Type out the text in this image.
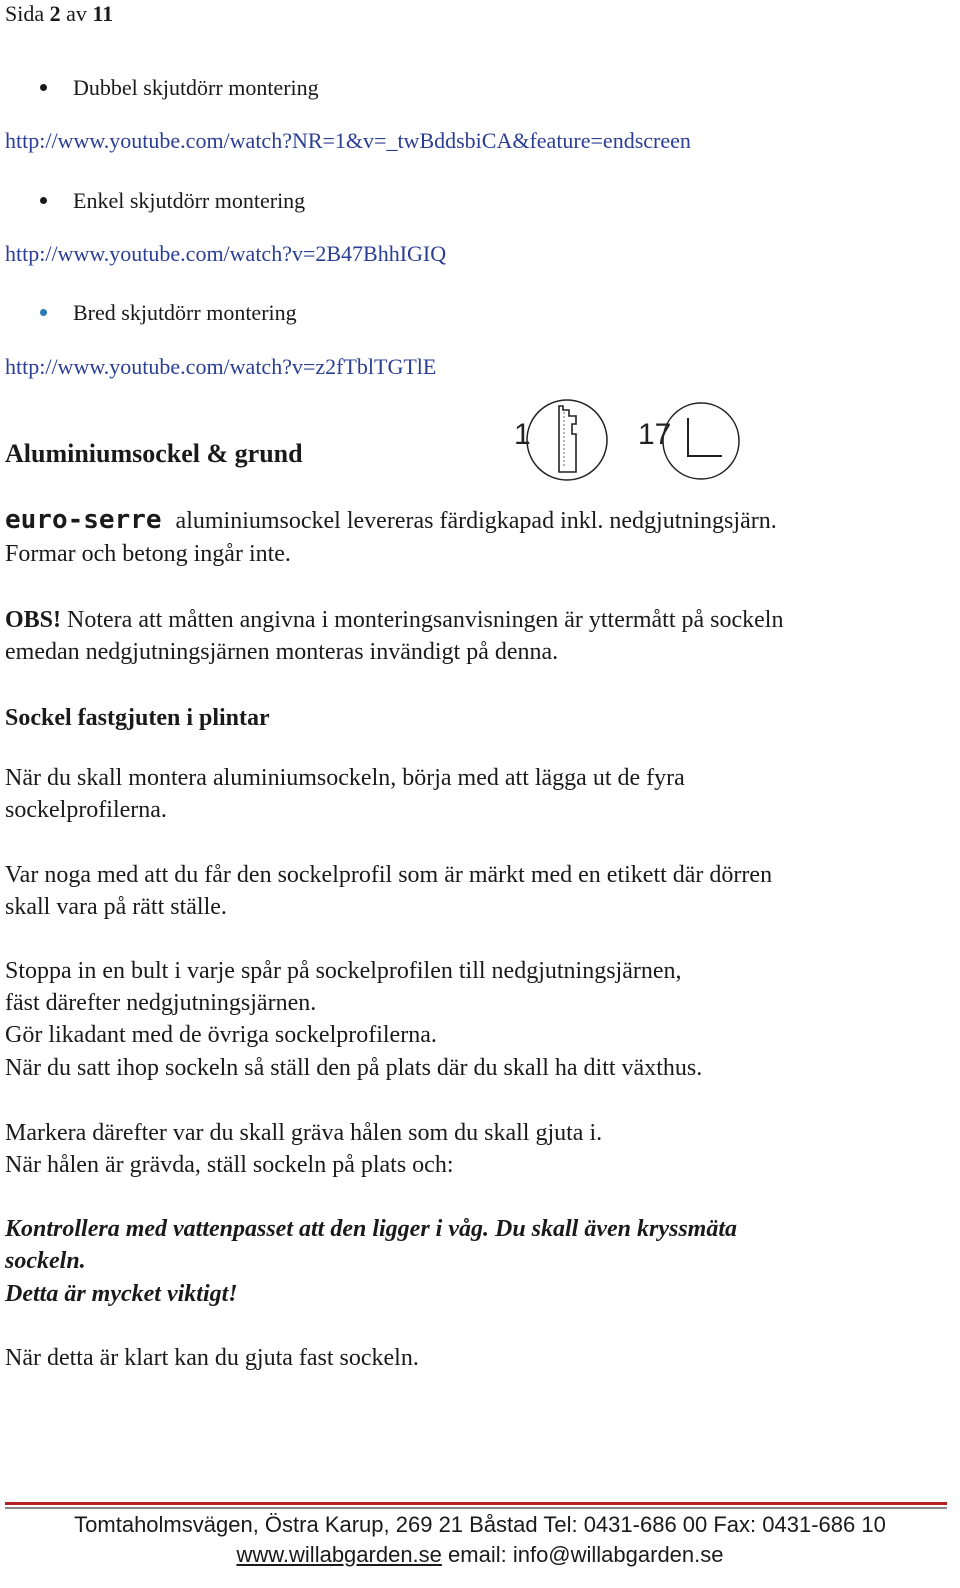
Sida 2 av 11
Dubbel skjutdörr montering
http://www.youtube.com/watch?NR=1&v=_twBddsbiCA&feature=endscreen
Enkel skjutdörr montering
http://www.youtube.com/watch?v=2B47BhhIGIQ
Bred skjutdörr montering
http://www.youtube.com/watch?v=z2fTblTGTlE
Aluminiumsockel & grund
1	17
euro-serre aluminiumsockel levereras färdigkapad inkl. nedgjutningsjärn.
Formar och betong ingår inte.
OBS! Notera att måtten angivna i monteringsanvisningen är yttermått på sockeln
emedan nedgjutningsjärnen monteras invändigt på denna.
Sockel fastgjuten i plintar
När du skall montera aluminiumsockeln, börja med att lägga ut de fyra
sockelprofilerna.
Var noga med att du får den sockelprofil som är märkt med en etikett där dörren
skall vara på rätt ställe.
Stoppa in en bult i varje spår på sockelprofilen till nedgjutningsjärnen,
fäst därefter nedgjutningsjärnen.
Gör likadant med de övriga sockelprofilerna.
När du satt ihop sockeln så ställ den på plats där du skall ha ditt växthus.
Markera därefter var du skall gräva hålen som du skall gjuta i.
När hålen är grävda, ställ sockeln på plats och:
Kontrollera med vattenpasset att den ligger i våg. Du skall även kryssmäta
sockeln.
Detta är mycket viktigt!
När detta är klart kan du gjuta fast sockeln.
Tomtaholmsvägen, Östra Karup, 269 21 Båstad Tel: 0431-686 00 Fax: 0431-686 10
www.willabgarden.se email: info@willabgarden.se
